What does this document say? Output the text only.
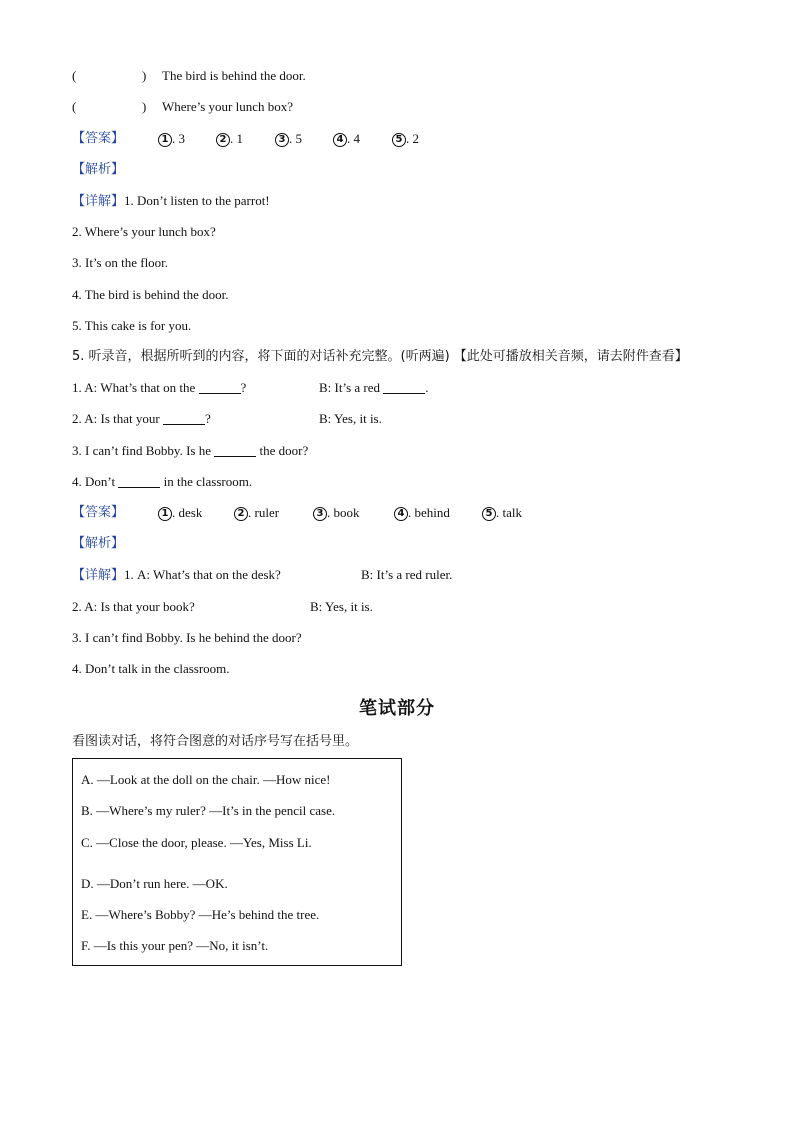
(	) The bird is behind the door.
(	) Where’s your lunch box?
【答案】	1 . 3	2 . 1	3 . 5	4 . 4	5 . 2
【解析】
【详解】1. Don’t listen to the parrot!
2. Where’s your lunch box?
3. It’s on the floor.
4. The bird is behind the door.
5. This cake is for you.
5. 听录音，根据所听到的内容，将下面的对话补充完整。(听两遍) 【此处可播放相关音频，请去附件查看】
1. A: What’s that on the	?	B: It’s a red	.
2. A: Is that your	?	B: Yes, it is.
3. I can’t find Bobby. Is he	the door?
4. Don’t	in the classroom.
【答案】	1 . desk	2 . ruler	3 . book	4 . behind	5 . talk
【解析】
【详解】1. A: What’s that on the desk?	B: It’s a red ruler.
2. A: Is that your book?	B: Yes, it is.
3. I can’t find Bobby. Is he behind the door?
4. Don’t talk in the classroom.
笔试部分
看图读对话，将符合图意的对话序号写在括号里。
A. —Look at the doll on the chair. —How nice!
B. —Where’s my ruler? —It’s in the pencil case.
C. —Close the door, please. —Yes, Miss Li.
D. —Don’t run here. —OK.
E. —Where’s Bobby? —He’s behind the tree.
F. —Is this your pen? —No, it isn’t.
